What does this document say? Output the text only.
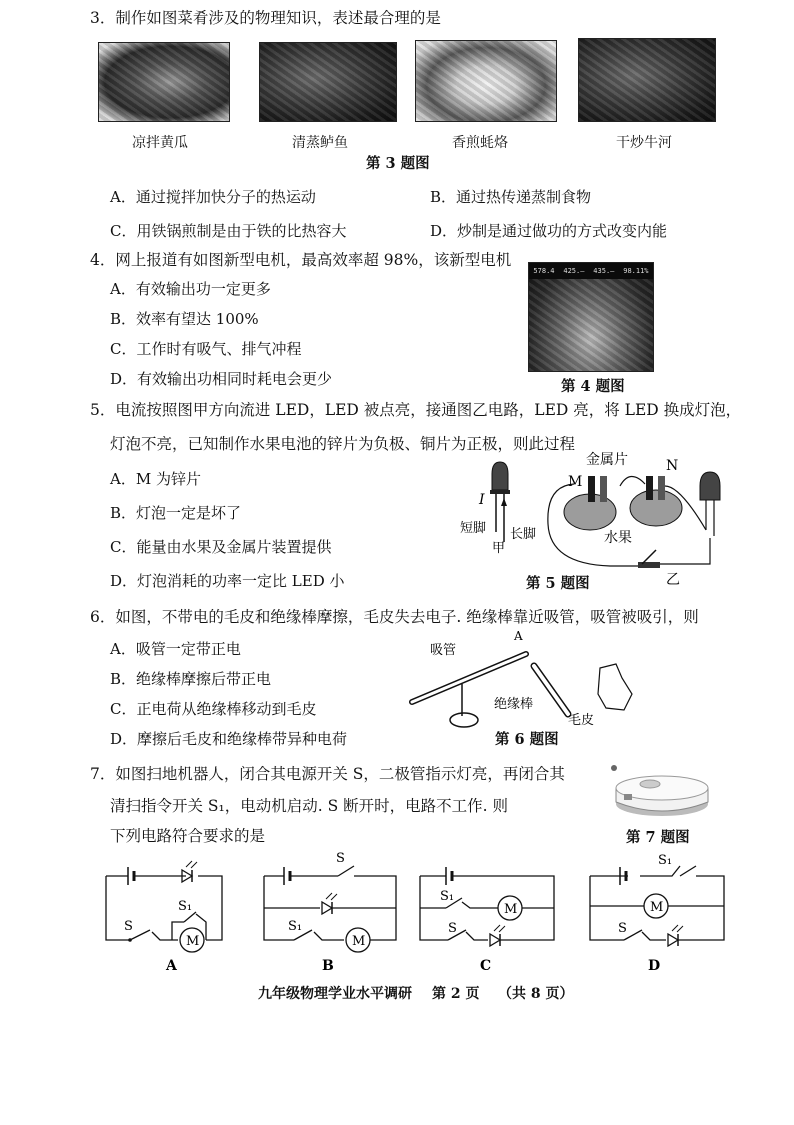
3．制作如图菜肴涉及的物理知识，表述最合理的是
凉拌黄瓜	清蒸鲈鱼	香煎蚝烙	干炒牛河
第 3 题图
A．通过搅拌加快分子的热运动	B．通过热传递蒸制食物
C．用铁锅煎制是由于铁的比热容大	D．炒制是通过做功的方式改变内能
4．网上报道有如图新型电机，最高效率超 98%，该新型电机
A．有效输出功一定更多
B．效率有望达 100%
C．工作时有吸气、排气冲程
D．有效输出功相同时耗电会更少
578.4 425.— 435.— 98.11%
第 4 题图
5．电流按照图甲方向流进 LED，LED 被点亮，接通图乙电路，LED 亮，将 LED 换成灯泡，
灯泡不亮，已知制作水果电池的锌片为负极、铜片为正极，则此过程
A．M 为锌片
B．灯泡一定是坏了
C．能量由水果及金属片装置提供
D．灯泡消耗的功率一定比 LED 小
I
短脚 长脚
甲
金属片
M
N
水果
乙
第 5 题图
6．如图，不带电的毛皮和绝缘棒摩擦，毛皮失去电子. 绝缘棒靠近吸管，吸管被吸引，则
A．吸管一定带正电
B．绝缘棒摩擦后带正电
C．正电荷从绝缘棒移动到毛皮
D．摩擦后毛皮和绝缘棒带异种电荷
吸管
A
绝缘棒
毛皮
第 6 题图
7．如图扫地机器人，闭合其电源开关 S，二极管指示灯亮，再闭合其
清扫指令开关 S₁，电动机启动. S 断开时，电路不工作. 则
下列电路符合要求的是	第 7 题图
M
S
S₁
A
M
S
S₁
B
M
S₁
S
C
M
S₁
S
D
九年级物理学业水平调研 第 2 页 （共 8 页）
